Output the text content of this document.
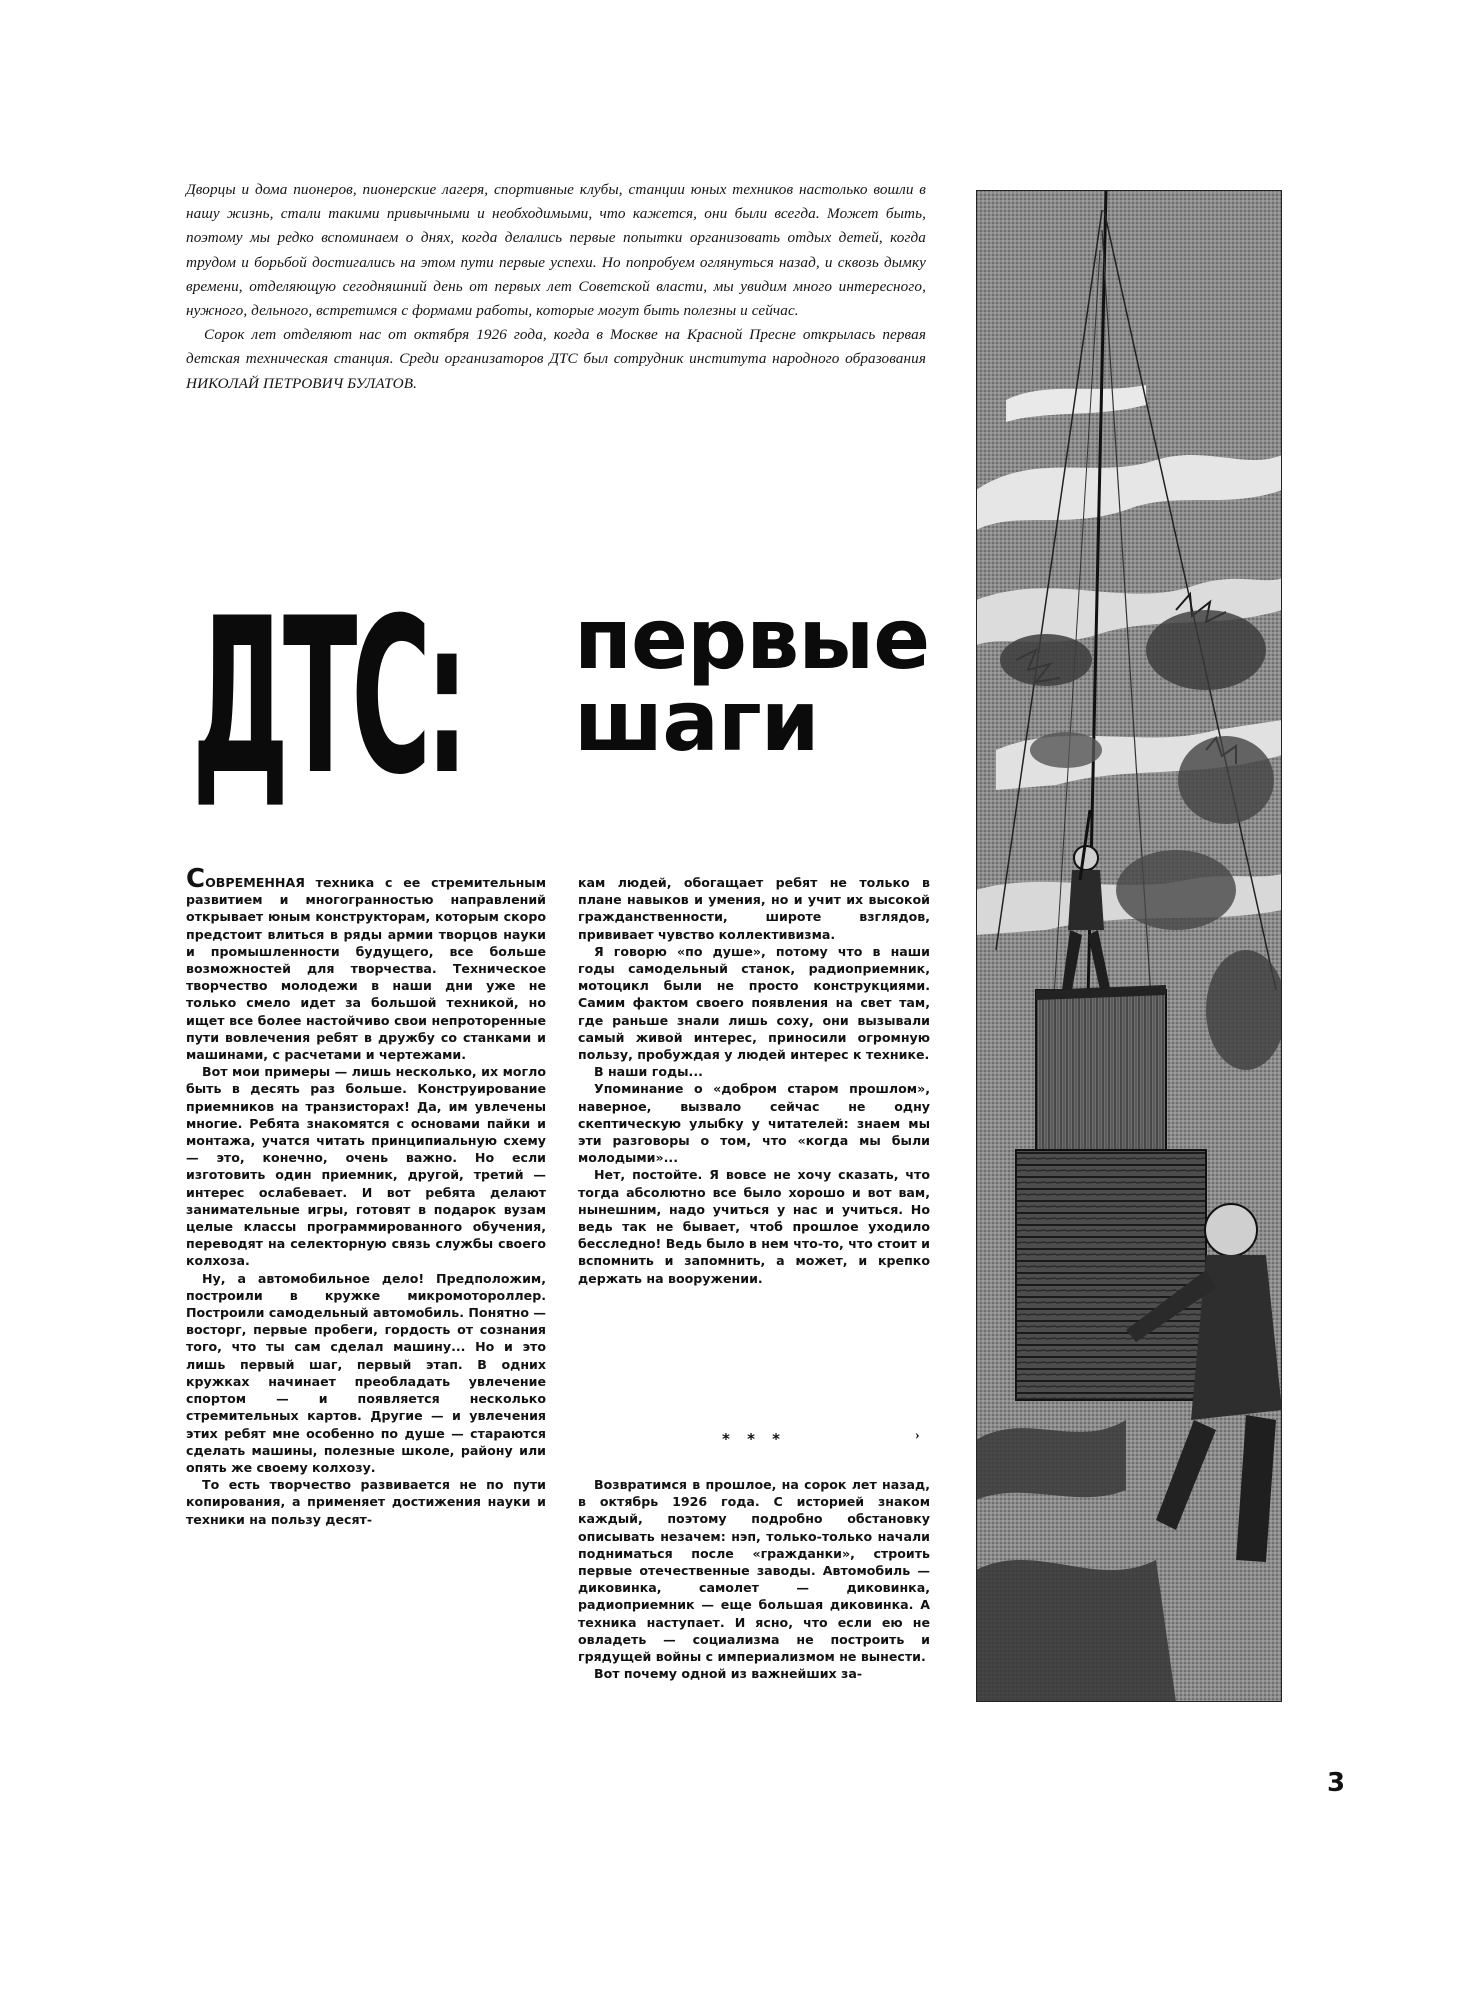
Дворцы и дома пионеров, пионерские лагеря, спортивные клубы, станции юных техников настолько вошли в нашу жизнь, стали такими привычными и необходимыми, что кажется, они были всегда. Может быть, поэтому мы редко вспоминаем о днях, когда делались первые попытки организовать отдых детей, когда трудом и борьбой достигались на этом пути первые успехи. Но попробуем оглянуться назад, и сквозь дымку времени, отделяющую сегодняшний день от первых лет Советской власти, мы увидим много интересного, нужного, дельного, встретимся с формами работы, которые могут быть полезны и сейчас.

Сорок лет отделяют нас от октября 1926 года, когда в Москве на Красной Пресне открылась первая детская техническая станция. Среди организаторов ДТС был сотрудник института народного образования НИКОЛАЙ ПЕТРОВИЧ БУЛАТОВ.

ДТС: первые
шаги

СОВРЕМЕННАЯ техника с ее стремительным развитием и многогранностью направлений открывает юным конструкторам, которым скоро предстоит влиться в ряды армии творцов науки и промышленности будущего, все больше возможностей для творчества. Техническое творчество молодежи в наши дни уже не только смело идет за большой техникой, но ищет все более настойчиво свои непроторенные пути вовлечения ребят в дружбу со станками и машинами, с расчетами и чертежами.

Вот мои примеры — лишь несколько, их могло быть в десять раз больше. Конструирование приемников на транзисторах! Да, им увлечены многие. Ребята знакомятся с основами пайки и монтажа, учатся читать принципиальную схему — это, конечно, очень важно. Но если изготовить один приемник, другой, третий — интерес ослабевает. И вот ребята делают занимательные игры, готовят в подарок вузам целые классы программированного обучения, переводят на селекторную связь службы своего колхоза.

Ну, а автомобильное дело! Предположим, построили в кружке микромотороллер. Построили самодельный автомобиль. Понятно — восторг, первые пробеги, гордость от сознания того, что ты сам сделал машину... Но и это лишь первый шаг, первый этап. В одних кружках начинает преобладать увлечение спортом — и появляется несколько стремительных картов. Другие — и увлечения этих ребят мне особенно по душе — стараются сделать машины, полезные школе, району или опять же своему колхозу.

То есть творчество развивается не по пути копирования, а применяет достижения науки и техники на пользу десят-

кам людей, обогащает ребят не только в плане навыков и умения, но и учит их высокой гражданственности, широте взглядов, прививает чувство коллективизма.

Я говорю «по душе», потому что в наши годы самодельный станок, радиоприемник, мотоцикл были не просто конструкциями. Самим фактом своего появления на свет там, где раньше знали лишь соху, они вызывали самый живой интерес, приносили огромную пользу, пробуждая у людей интерес к технике.

В наши годы...

Упоминание о «добром старом прошлом», наверное, вызвало сейчас не одну скептическую улыбку у читателей: знаем мы эти разговоры о том, что «когда мы были молодыми»...

Нет, постойте. Я вовсе не хочу сказать, что тогда абсолютно все было хорошо и вот вам, нынешним, надо учиться у нас и учиться. Но ведь так не бывает, чтоб прошлое уходило бесследно! Ведь было в нем что-то, что стоит и вспомнить и запомнить, а может, и крепко держать на вооружении.

* * *	›

Возвратимся в прошлое, на сорок лет назад, в октябрь 1926 года. С историей знаком каждый, поэтому подробно обстановку описывать незачем: нэп, только-только начали подниматься после «гражданки», строить первые отечественные заводы. Автомобиль — диковинка, самолет — диковинка, радиоприемник — еще большая диковинка. А техника наступает. И ясно, что если ею не овладеть — социализма не построить и грядущей войны с империализмом не вынести.

Вот почему одной из важнейших за-

3
